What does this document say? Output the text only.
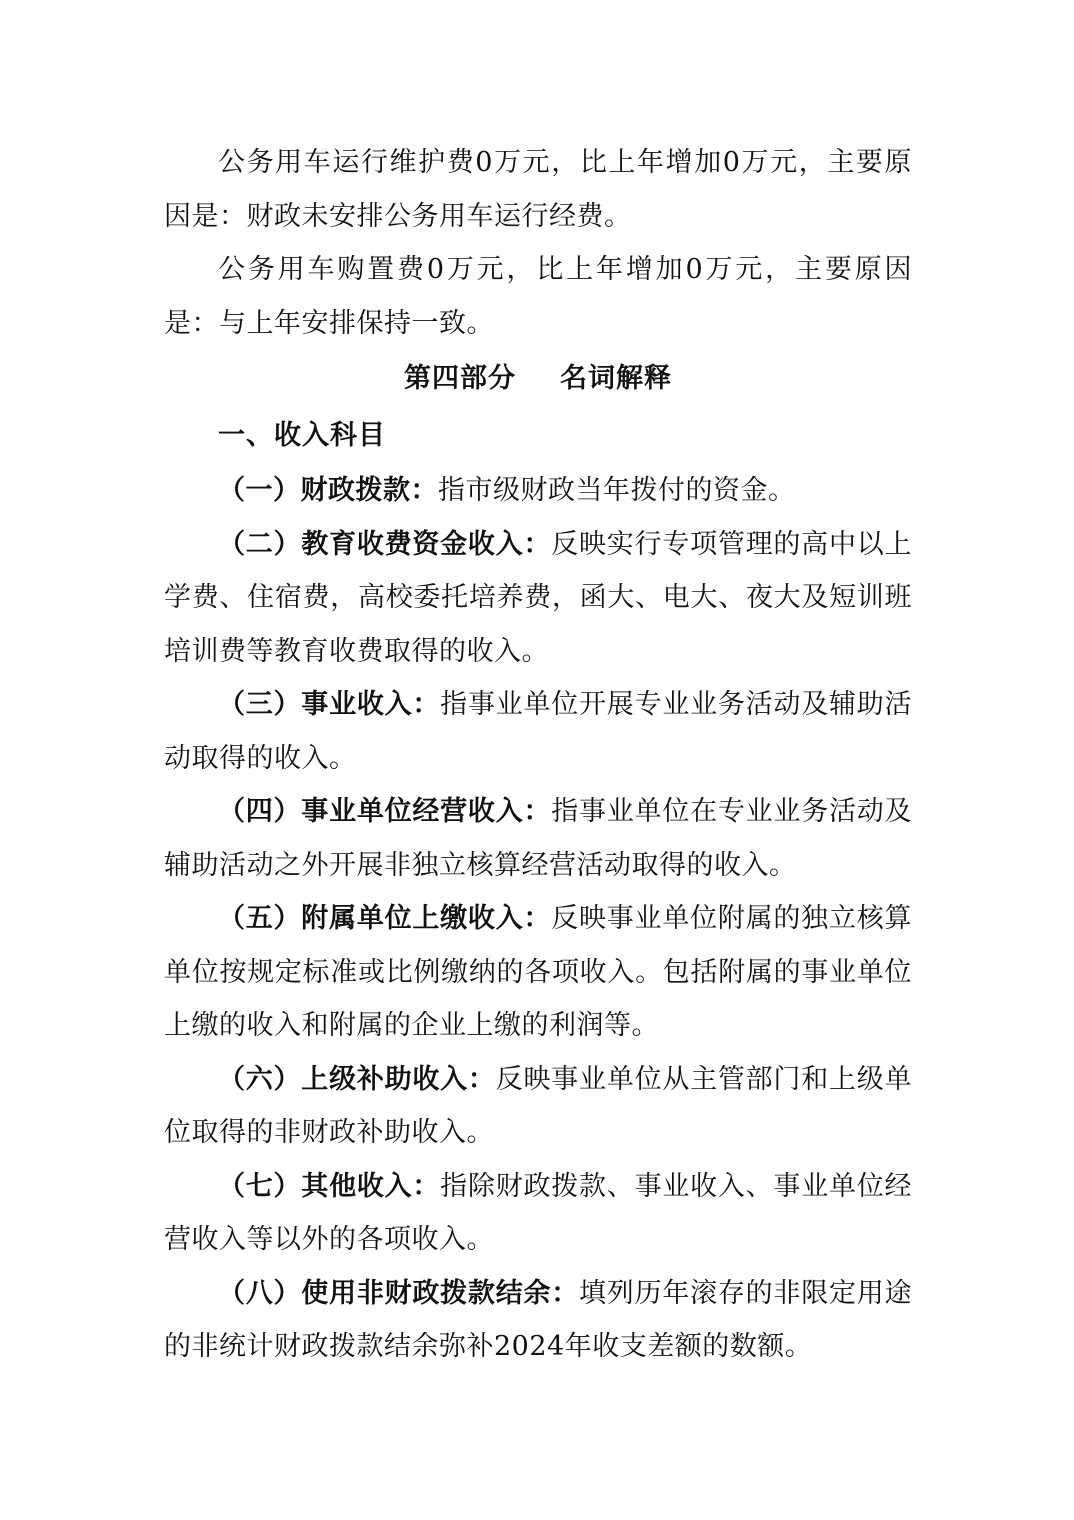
公务用车运行维护费0万元，比上年增加0万元，主要原因是：财政未安排公务用车运行经费。

公务用车购置费0万元，比上年增加0万元，主要原因是：与上年安排保持一致。

第四部分 名词解释

一、收入科目

（一）财政拨款：指市级财政当年拨付的资金。

（二）教育收费资金收入：反映实行专项管理的高中以上学费、住宿费，高校委托培养费，函大、电大、夜大及短训班培训费等教育收费取得的收入。

（三）事业收入：指事业单位开展专业业务活动及辅助活动取得的收入。

（四）事业单位经营收入：指事业单位在专业业务活动及辅助活动之外开展非独立核算经营活动取得的收入。

（五）附属单位上缴收入：反映事业单位附属的独立核算单位按规定标准或比例缴纳的各项收入。包括附属的事业单位上缴的收入和附属的企业上缴的利润等。

（六）上级补助收入：反映事业单位从主管部门和上级单位取得的非财政补助收入。

（七）其他收入：指除财政拨款、事业收入、事业单位经营收入等以外的各项收入。

（八）使用非财政拨款结余：填列历年滚存的非限定用途的非统计财政拨款结余弥补2024年收支差额的数额。
